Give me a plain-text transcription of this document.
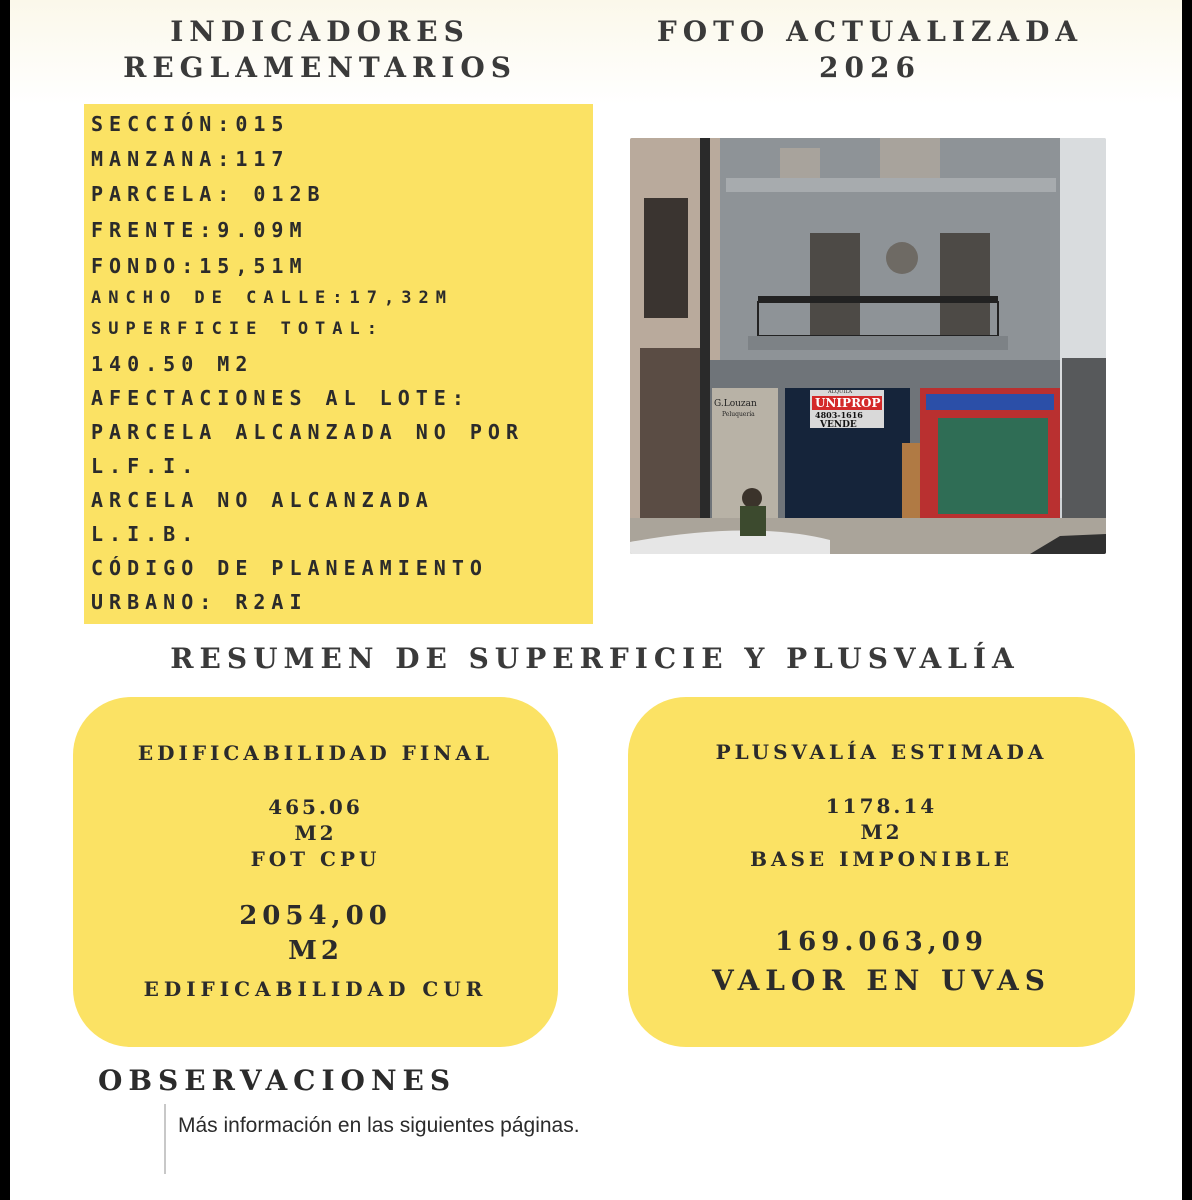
INDICADORES
REGLAMENTARIOS
FOTO ACTUALIZADA
2026
SECCIÓN:015
MANZANA:117
PARCELA: 012B
FRENTE:9.09M
FONDO:15,51M
ANCHO DE CALLE:17,32M
SUPERFICIE TOTAL:
140.50 M2
AFECTACIONES AL LOTE:
PARCELA ALCANZADA NO POR
L.F.I.
ARCELA NO ALCANZADA
L.I.B.
CÓDIGO DE PLANEAMIENTO
URBANO: R2AI
G.Louzan
Peluquería
ALQUILA
UNIPROP
4803-1616
VENDE
RESUMEN DE SUPERFICIE Y PLUSVALÍA
EDIFICABILIDAD FINAL
465.06
M2
FOT CPU
2054,00
M2
EDIFICABILIDAD CUR
PLUSVALÍA ESTIMADA
1178.14
M2
BASE IMPONIBLE
169.063,09
VALOR EN UVAS
OBSERVACIONES
Más información en las siguientes páginas.
